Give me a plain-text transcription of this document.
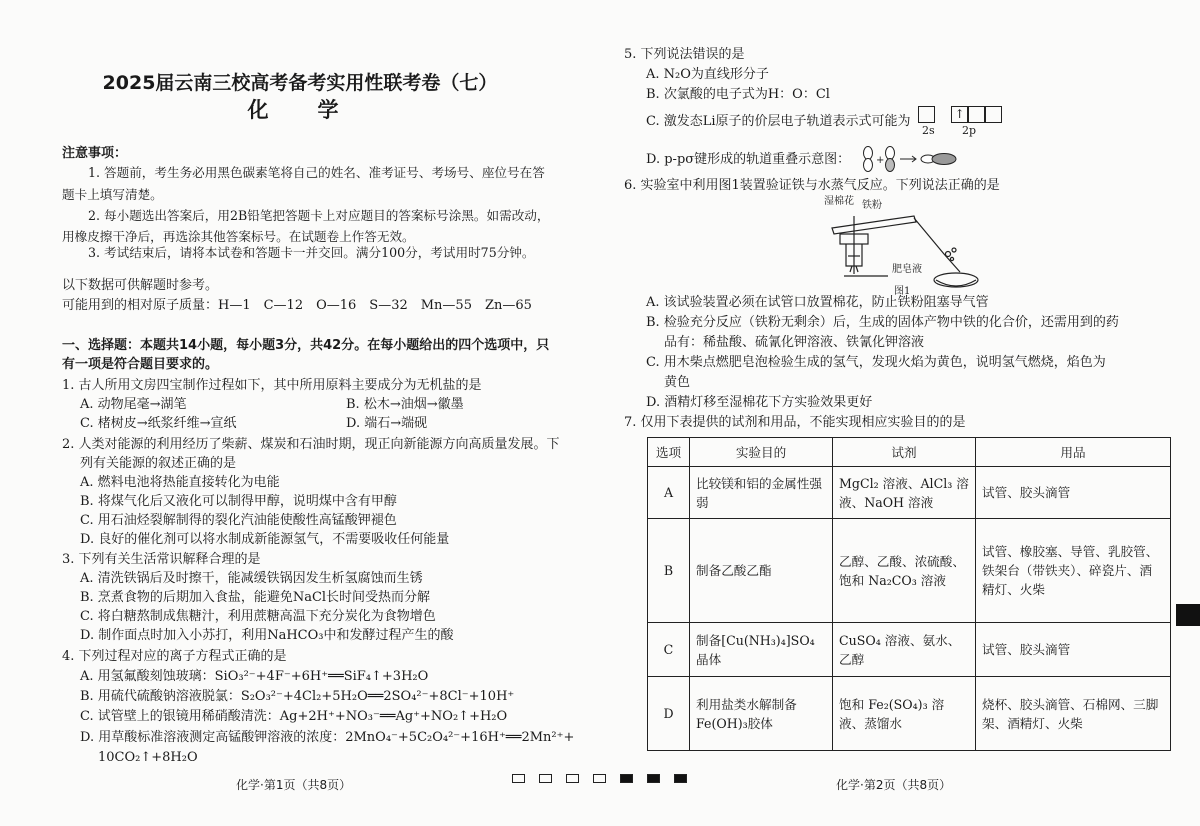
2025届云南三校高考备考实用性联考卷（七）
化　学
注意事项：
1. 答题前，考生务必用黑色碳素笔将自己的姓名、准考证号、考场号、座位号在答
题卡上填写清楚。
2. 每小题选出答案后，用2B铅笔把答题卡上对应题目的答案标号涂黑。如需改动，
用橡皮擦干净后，再选涂其他答案标号。在试题卷上作答无效。
3. 考试结束后，请将本试卷和答题卡一并交回。满分100分，考试用时75分钟。
以下数据可供解题时参考。
可能用到的相对原子质量：H—1　C—12　O—16　S—32　Mn—55　Zn—65
一、选择题：本题共14小题，每小题3分，共42分。在每小题给出的四个选项中，只
有一项是符合题目要求的。
1. 古人所用文房四宝制作过程如下，其中所用原料主要成分为无机盐的是
A. 动物尾毫→湖笔	B. 松木→油烟→徽墨
C. 楮树皮→纸浆纤维→宣纸	D. 端石→端砚
2. 人类对能源的利用经历了柴薪、煤炭和石油时期，现正向新能源方向高质量发展。下
列有关能源的叙述正确的是
A. 燃料电池将热能直接转化为电能
B. 将煤气化后又液化可以制得甲醇，说明煤中含有甲醇
C. 用石油烃裂解制得的裂化汽油能使酸性高锰酸钾褪色
D. 良好的催化剂可以将水制成新能源氢气，不需要吸收任何能量
3. 下列有关生活常识解释合理的是
A. 清洗铁锅后及时擦干，能减缓铁锅因发生析氢腐蚀而生锈
B. 烹煮食物的后期加入食盐，能避免NaCl长时间受热而分解
C. 将白糖熬制成焦糖汁，利用蔗糖高温下充分炭化为食物增色
D. 制作面点时加入小苏打，利用NaHCO₃中和发酵过程产生的酸
4. 下列过程对应的离子方程式正确的是
A. 用氢氟酸刻蚀玻璃：SiO₃²⁻+4F⁻+6H⁺══SiF₄↑+3H₂O
B. 用硫代硫酸钠溶液脱氯：S₂O₃²⁻+4Cl₂+5H₂O══2SO₄²⁻+8Cl⁻+10H⁺
C. 试管壁上的银镜用稀硝酸清洗：Ag+2H⁺+NO₃⁻══Ag⁺+NO₂↑+H₂O
D. 用草酸标准溶液测定高锰酸钾溶液的浓度：2MnO₄⁻+5C₂O₄²⁻+16H⁺══2Mn²⁺+
10CO₂↑+8H₂O
化学·第1页（共8页）
5. 下列说法错误的是
A. N₂O为直线形分子
B. 次氯酸的电子式为H：O：Cl
C. 激发态Li原子的价层电子轨道表示式可能为	↑
2s 2p
D. p-pσ键形成的轨道重叠示意图：	+
6. 实验室中利用图1装置验证铁与水蒸气反应。下列说法正确的是
湿棉花 铁粉
肥皂液
图1
A. 该试验装置必须在试管口放置棉花，防止铁粉阻塞导气管
B. 检验充分反应（铁粉无剩余）后，生成的固体产物中铁的化合价，还需用到的药
品有：稀盐酸、硫氰化钾溶液、铁氰化钾溶液
C. 用木柴点燃肥皂泡检验生成的氢气，发现火焰为黄色，说明氢气燃烧，焰色为
黄色
D. 酒精灯移至湿棉花下方实验效果更好
7. 仅用下表提供的试剂和用品，不能实现相应实验目的的是
选项	实验目的	试剂	用品
A	比较镁和铝的金属性强弱	MgCl₂ 溶液、AlCl₃ 溶液、NaOH 溶液	试管、胶头滴管
B	制备乙酸乙酯	乙醇、乙酸、浓硫酸、饱和 Na₂CO₃ 溶液	试管、橡胶塞、导管、乳胶管、铁架台（带铁夹）、碎瓷片、酒精灯、火柴
C	制备[Cu(NH₃)₄]SO₄晶体	CuSO₄ 溶液、氨水、乙醇	试管、胶头滴管
D	利用盐类水解制备Fe(OH)₃胶体	饱和 Fe₂(SO₄)₃ 溶液、蒸馏水	烧杯、胶头滴管、石棉网、三脚架、酒精灯、火柴
化学·第2页（共8页）
